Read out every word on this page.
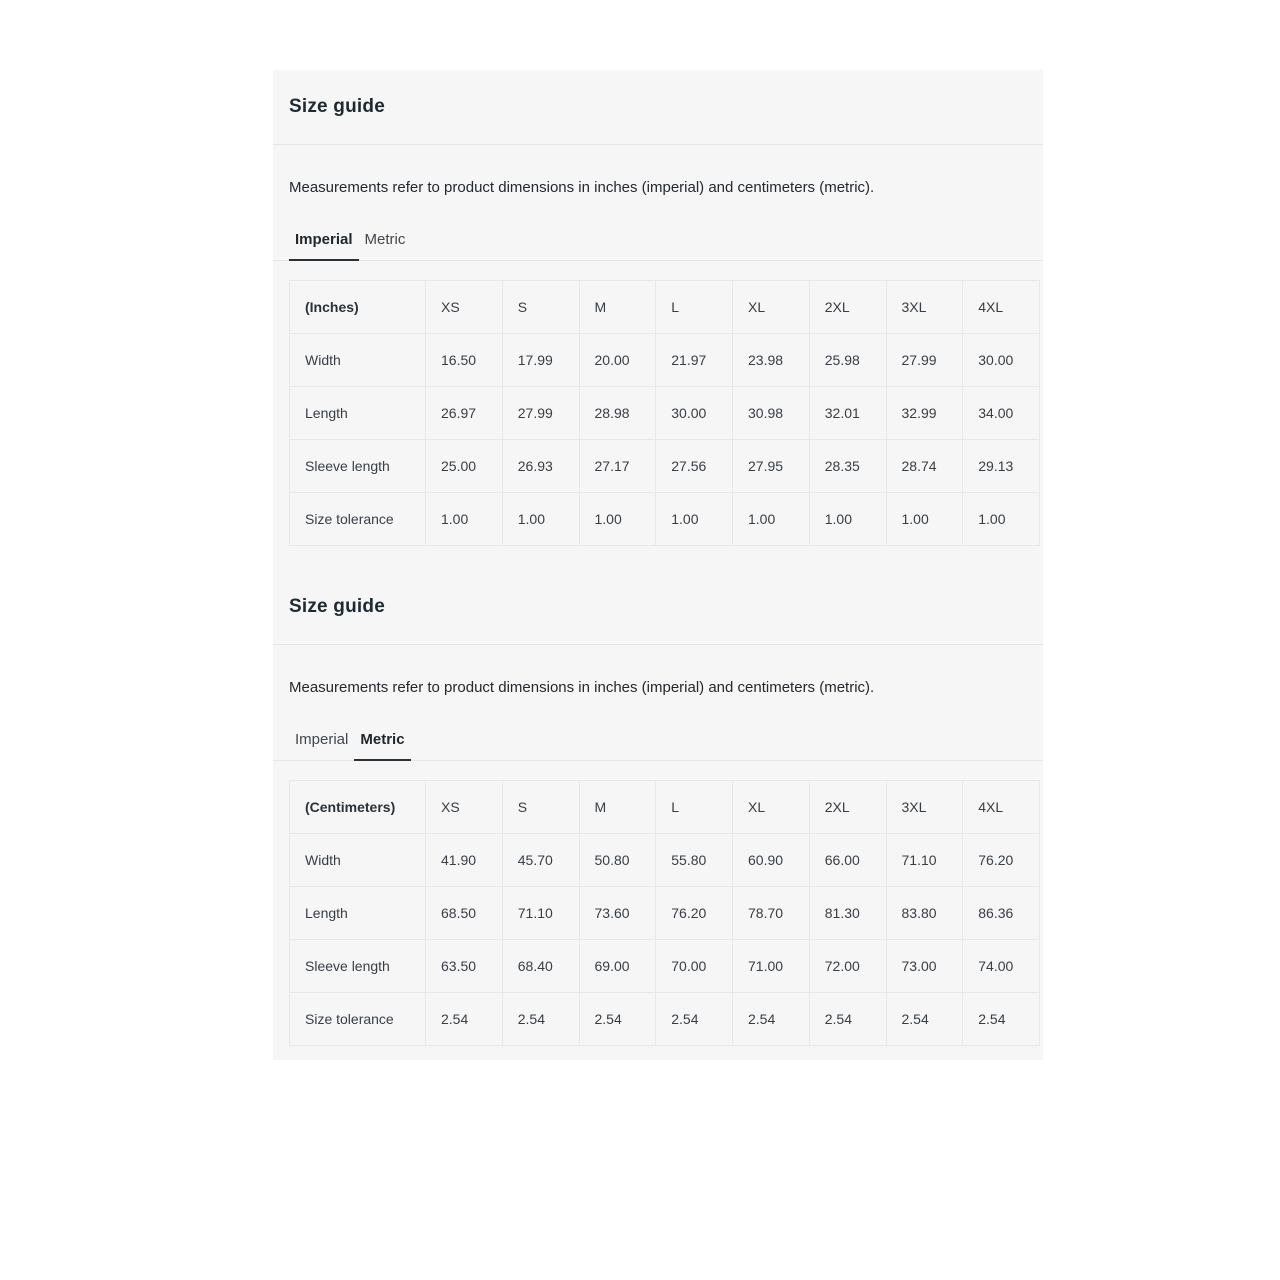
Size guide

Measurements refer to product dimensions in inches (imperial) and centimeters (metric).

Imperial Metric
(Inches)	XS	S	M	L	XL	2XL	3XL	4XL
Width	16.50	17.99	20.00	21.97	23.98	25.98	27.99	30.00
Length	26.97	27.99	28.98	30.00	30.98	32.01	32.99	34.00
Sleeve length	25.00	26.93	27.17	27.56	27.95	28.35	28.74	29.13
Size tolerance	1.00	1.00	1.00	1.00	1.00	1.00	1.00	1.00
Size guide

Measurements refer to product dimensions in inches (imperial) and centimeters (metric).

Imperial Metric
(Centimeters)	XS	S	M	L	XL	2XL	3XL	4XL
Width	41.90	45.70	50.80	55.80	60.90	66.00	71.10	76.20
Length	68.50	71.10	73.60	76.20	78.70	81.30	83.80	86.36
Sleeve length	63.50	68.40	69.00	70.00	71.00	72.00	73.00	74.00
Size tolerance	2.54	2.54	2.54	2.54	2.54	2.54	2.54	2.54
